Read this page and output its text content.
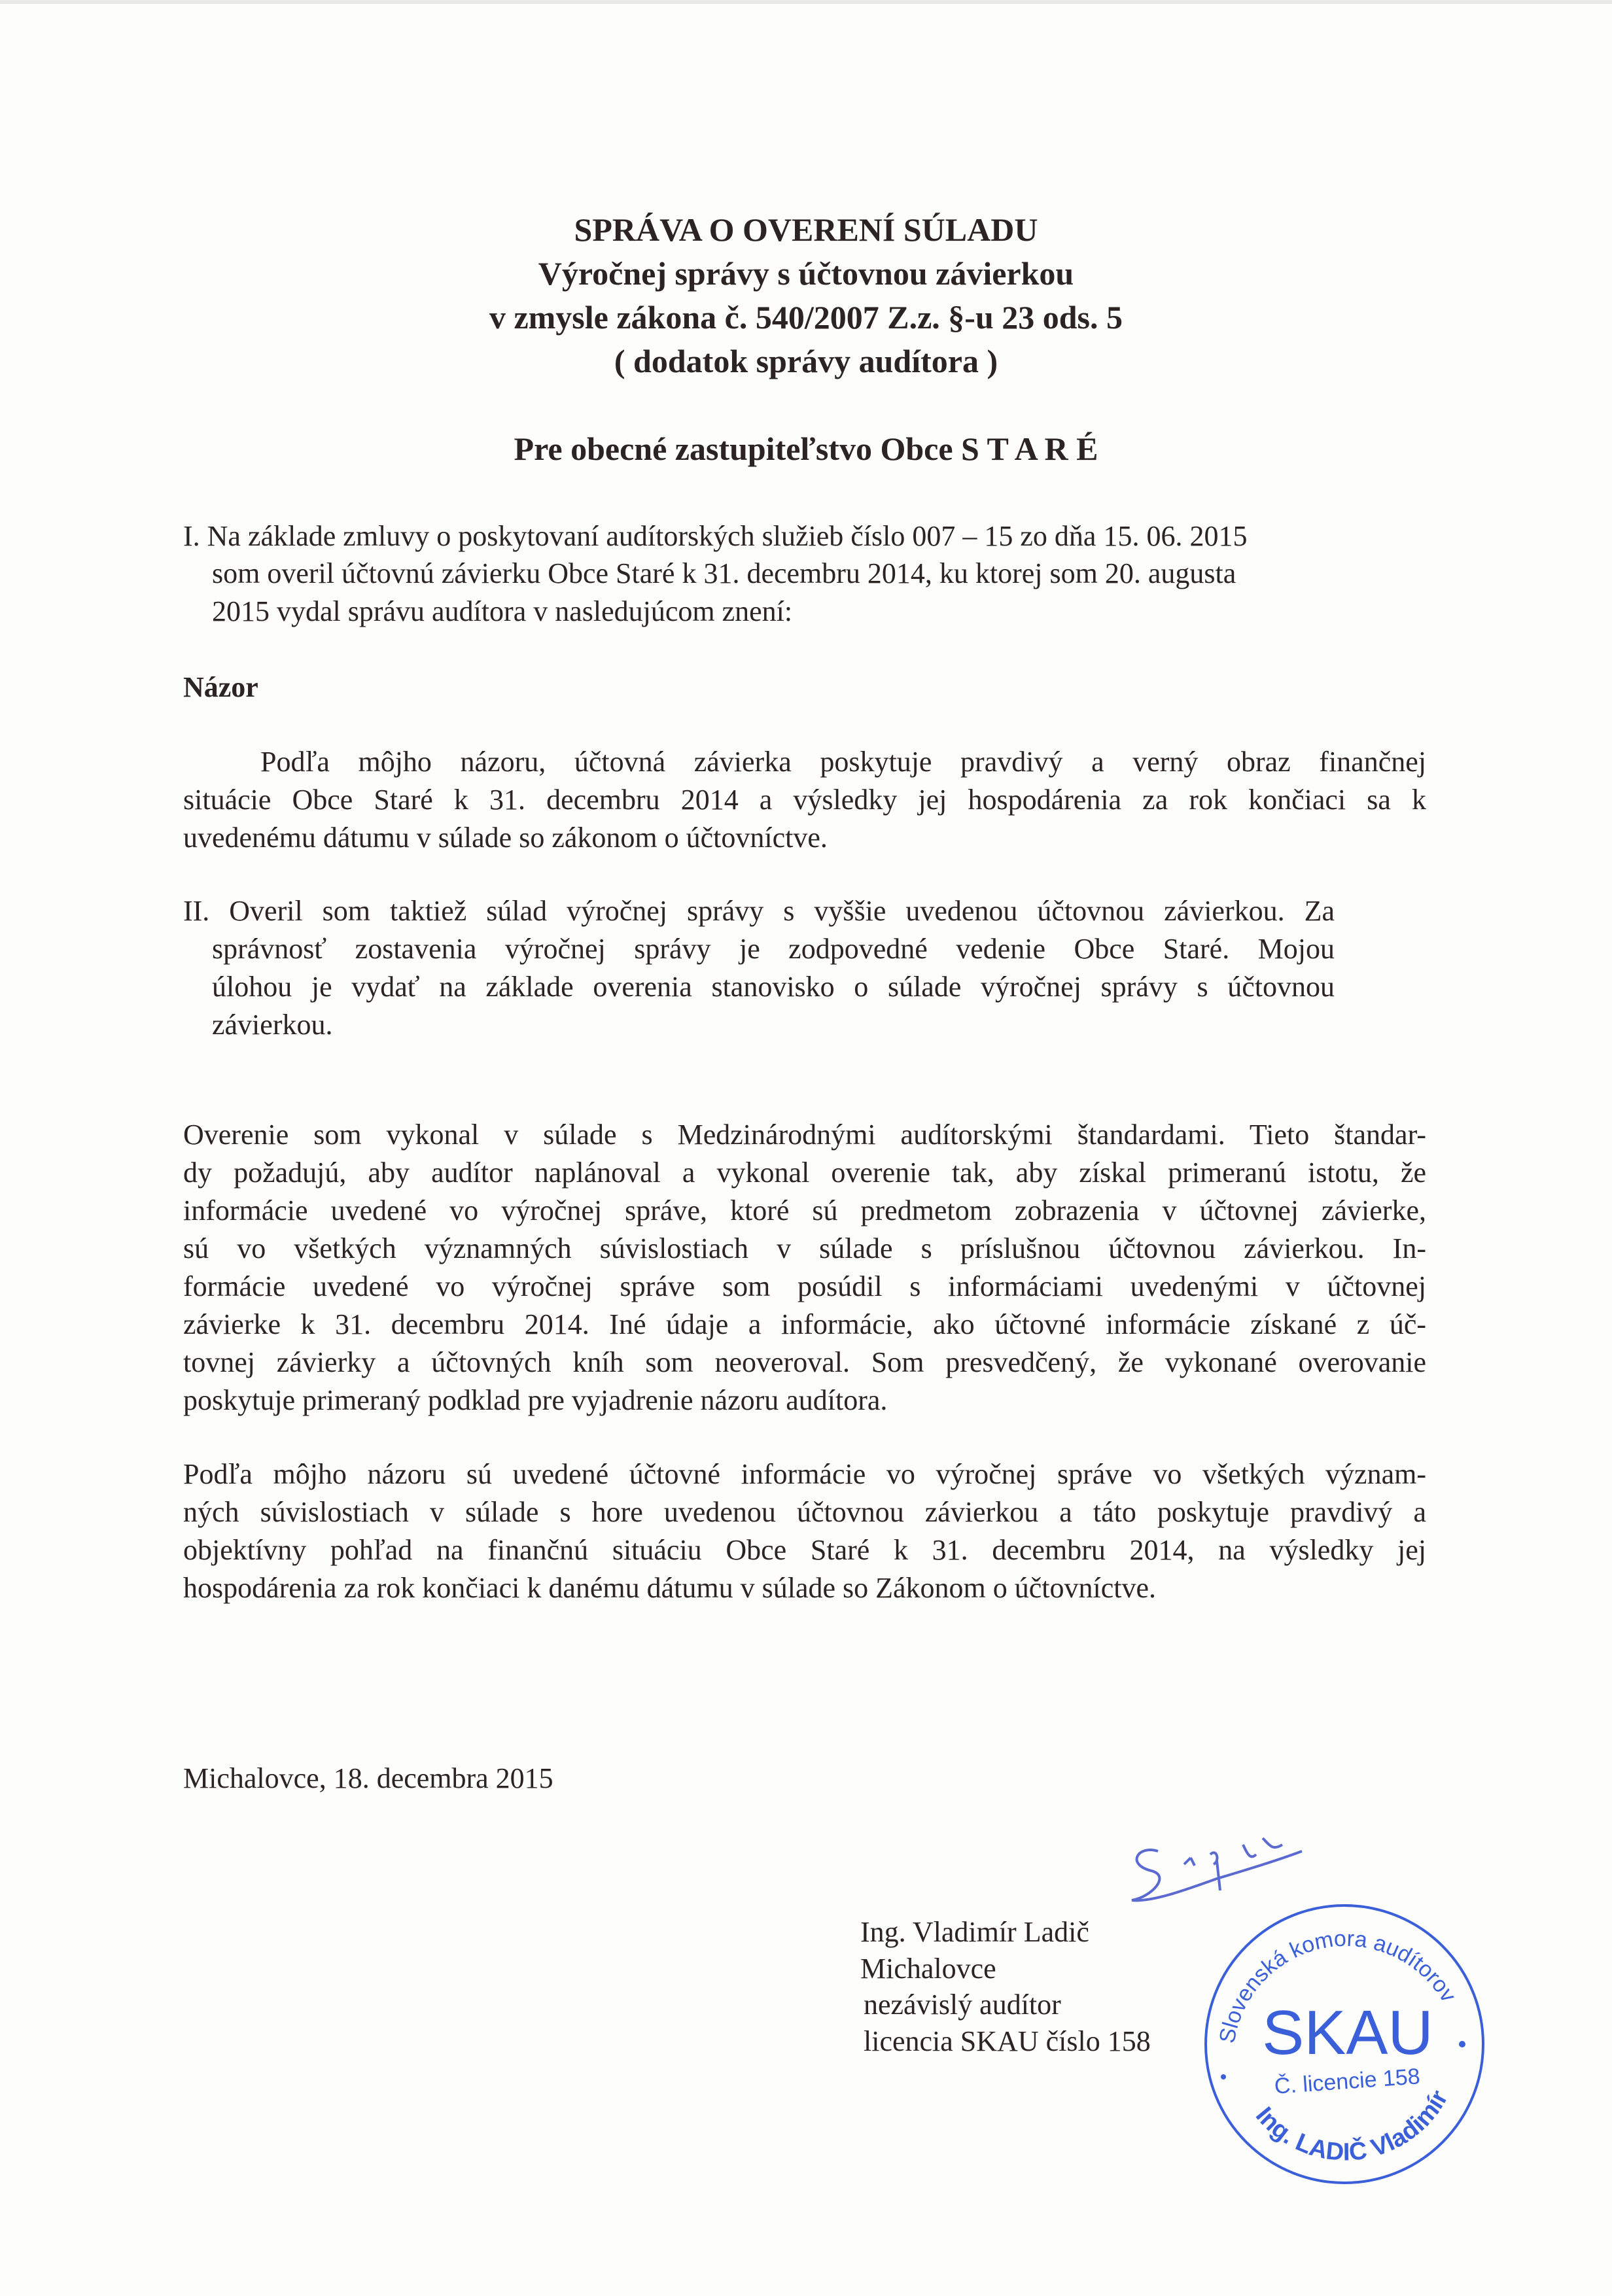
SPRÁVA O OVERENÍ SÚLADU
Výročnej správy s účtovnou závierkou
v zmysle zákona č. 540/2007 Z.z. §-u 23 ods. 5
( dodatok správy audítora )
Pre obecné zastupiteľstvo Obce S T A R É
I. Na základe zmluvy o poskytovaní audítorských služieb číslo 007 – 15 zo dňa 15. 06. 2015
som overil účtovnú závierku Obce Staré k 31. decembru 2014, ku ktorej som 20. augusta
2015 vydal správu audítora v nasledujúcom znení:
Podľa môjho názoru, účtovná závierka poskytuje pravdivý a verný obraz finančnej
situácie Obce Staré k 31. decembru 2014 a výsledky jej hospodárenia za rok končiaci sa k
uvedenému dátumu v súlade so zákonom o účtovníctve.
II. Overil som taktiež súlad výročnej správy s vyššie uvedenou účtovnou závierkou. Za
správnosť zostavenia výročnej správy je zodpovedné vedenie Obce Staré. Mojou
úlohou je vydať na základe overenia stanovisko o súlade výročnej správy s účtovnou
závierkou.
Overenie som vykonal v súlade s Medzinárodnými audítorskými štandardami. Tieto štandar-
dy požadujú, aby audítor naplánoval a vykonal overenie tak, aby získal primeranú istotu, že
informácie uvedené vo výročnej správe, ktoré sú predmetom zobrazenia v účtovnej závierke,
sú vo všetkých významných súvislostiach v súlade s príslušnou účtovnou závierkou. In-
formácie uvedené vo výročnej správe som posúdil s informáciami uvedenými v účtovnej
závierke k 31. decembru 2014. Iné údaje a informácie, ako účtovné informácie získané z úč-
tovnej závierky a účtovných kníh som neoveroval. Som presvedčený, že vykonané overovanie
poskytuje primeraný podklad pre vyjadrenie názoru audítora.
Podľa môjho názoru sú uvedené účtovné informácie vo výročnej správe vo všetkých význam-
ných súvislostiach v súlade s hore uvedenou účtovnou závierkou a táto poskytuje pravdivý a
objektívny pohľad na finančnú situáciu Obce Staré k 31. decembru 2014, na výsledky jej
hospodárenia za rok končiaci k danému dátumu v súlade so Zákonom o účtovníctve.
Ing. Vladimír Ladič
Michalovce
nezávislý audítor
licencia SKAU číslo 158
Názor
Michalovce, 18. decembra 2015
Slovenská komora audítorov
SKAU
Č. licencie 158
Ing. LADIČ Vladimír
